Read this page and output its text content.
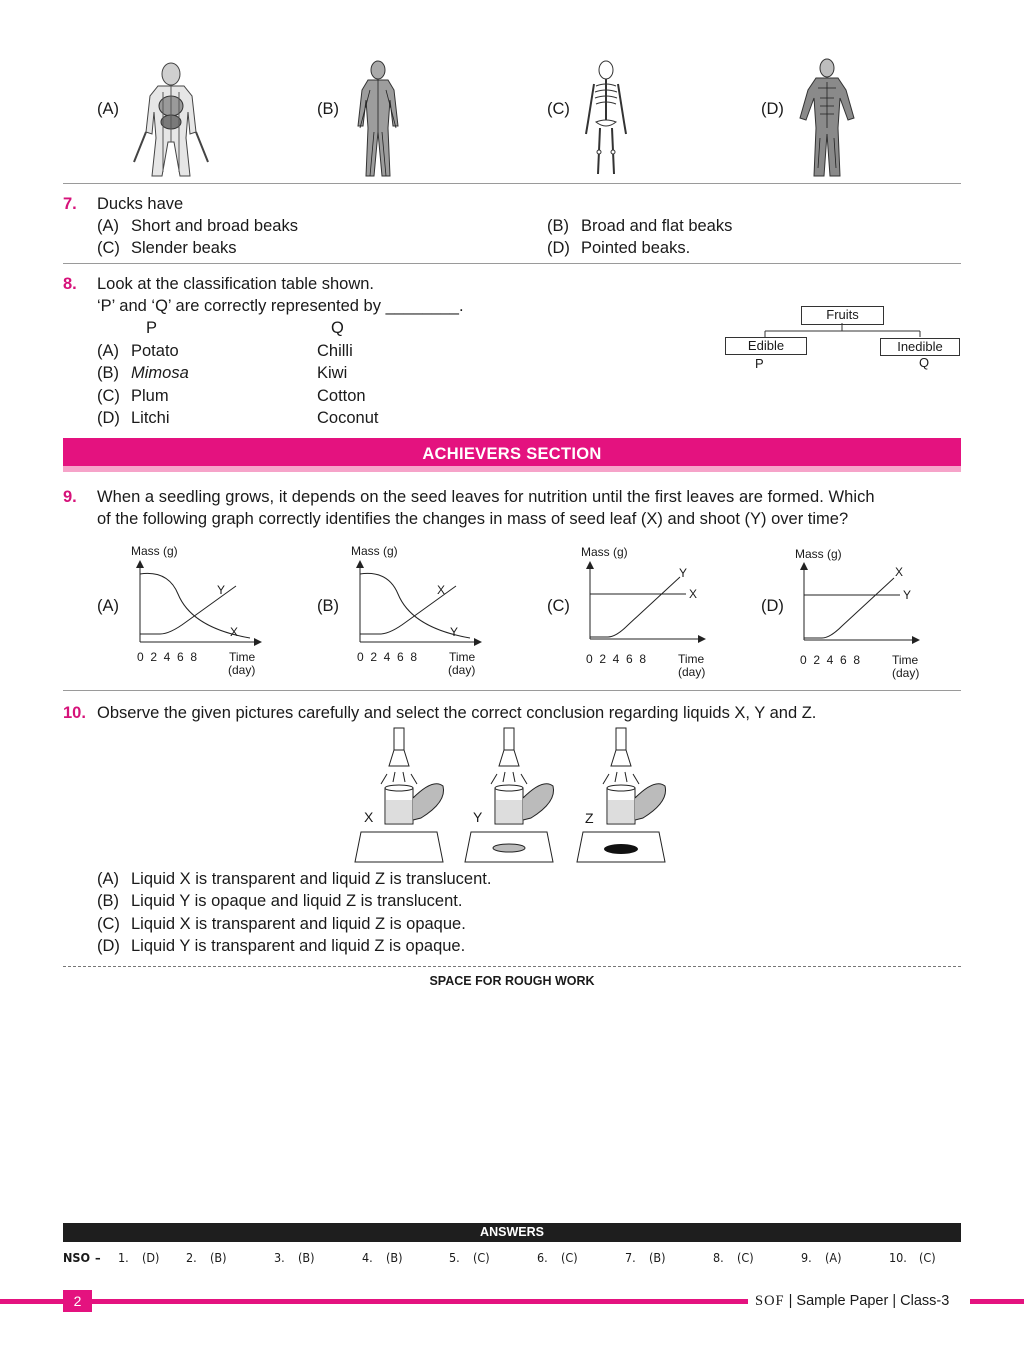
(A)	(B)	(C)	(D)
7. Ducks have
(A) Short and broad beaks	(B) Broad and flat beaks
(C) Slender beaks	(D) Pointed beaks.
8. Look at the classification table shown.
‘P’ and ‘Q’ are correctly represented by ________.
P	Q
(A) Potato	Chilli
(B) Mimosa	Kiwi
(C) Plum	Cotton
(D) Litchi	Coconut
Fruits
Edible	Inedible
P	Q
ACHIEVERS SECTION
9. When a seedling grows, it depends on the seed leaves for nutrition until the first leaves are formed. Which
of the following graph correctly identifies the changes in mass of seed leaf (X) and shoot (Y) over time?
(A)
Mass (g)
Y
X
0  2  4  6  8	Time
(day)
(B)
Mass (g)
X
Y
0  2  4  6  8	Time
(day)
(C)
Mass (g)
Y
X
0  2  4  6  8	Time
(day)
(D)
Mass (g)
X
Y
0  2  4  6  8	Time
(day)
10. Observe the given pictures carefully and select the correct conclusion regarding liquids X, Y and Z.
X	Y	Z
(A) Liquid X is transparent and liquid Z is translucent.
(B) Liquid Y is opaque and liquid Z is translucent.
(C) Liquid X is transparent and liquid Z is opaque.
(D) Liquid Y is transparent and liquid Z is opaque.
SPACE FOR ROUGH WORK
ANSWERS
NSO – 1. (D) 2. (B)	3. (B)	4. (B)	5. (C)	6. (C)	7. (B)	8. (C)	9. (A)	10. (C)
2	SOF | Sample Paper | Class-3
